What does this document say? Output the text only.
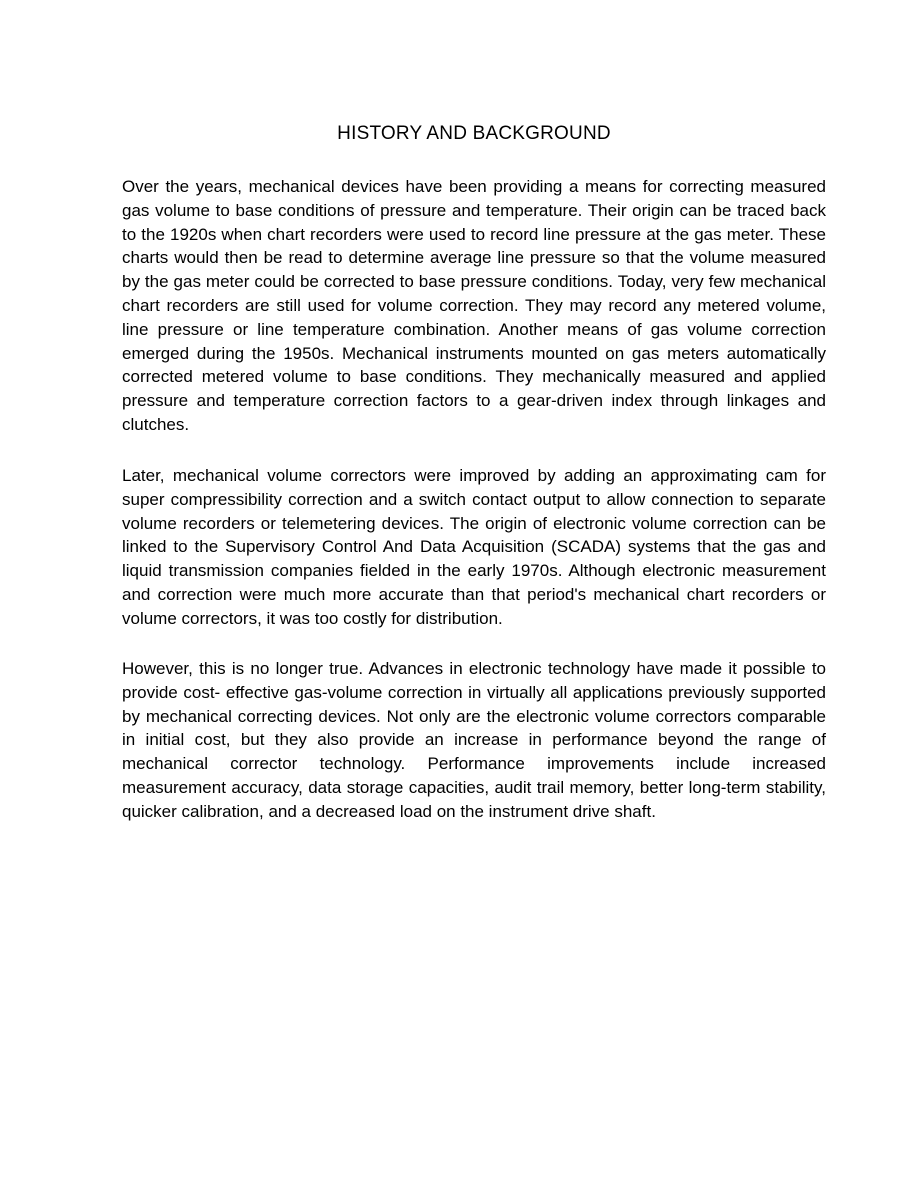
HISTORY AND BACKGROUND

Over the years, mechanical devices have been providing a means for correcting measured gas volume to base conditions of pressure and temperature. Their origin can be traced back to the 1920s when chart recorders were used to record line pressure at the gas meter. These charts would then be read to determine average line pressure so that the volume measured by the gas meter could be corrected to base pressure conditions. Today, very few mechanical chart recorders are still used for volume correction. They may record any metered volume, line pressure or line temperature combination. Another means of gas volume correction emerged during the 1950s. Mechanical instruments mounted on gas meters automatically corrected metered volume to base conditions. They mechanically measured and applied pressure and temperature correction factors to a gear-driven index through linkages and clutches.

Later, mechanical volume correctors were improved by adding an approximating cam for super compressibility correction and a switch contact output to allow connection to separate volume recorders or telemetering devices. The origin of electronic volume correction can be linked to the Supervisory Control And Data Acquisition (SCADA) systems that the gas and liquid transmission companies fielded in the early 1970s. Although electronic measurement and correction were much more accurate than that period's mechanical chart recorders or volume correctors, it was too costly for distribution.

However, this is no longer true. Advances in electronic technology have made it possible to provide cost- effective gas-volume correction in virtually all applications previously supported by mechanical correcting devices. Not only are the electronic volume correctors comparable in initial cost, but they also provide an increase in performance beyond the range of mechanical corrector technology. Performance improvements include increased measurement accuracy, data storage capacities, audit trail memory, better long-term stability, quicker calibration, and a decreased load on the instrument drive shaft.
